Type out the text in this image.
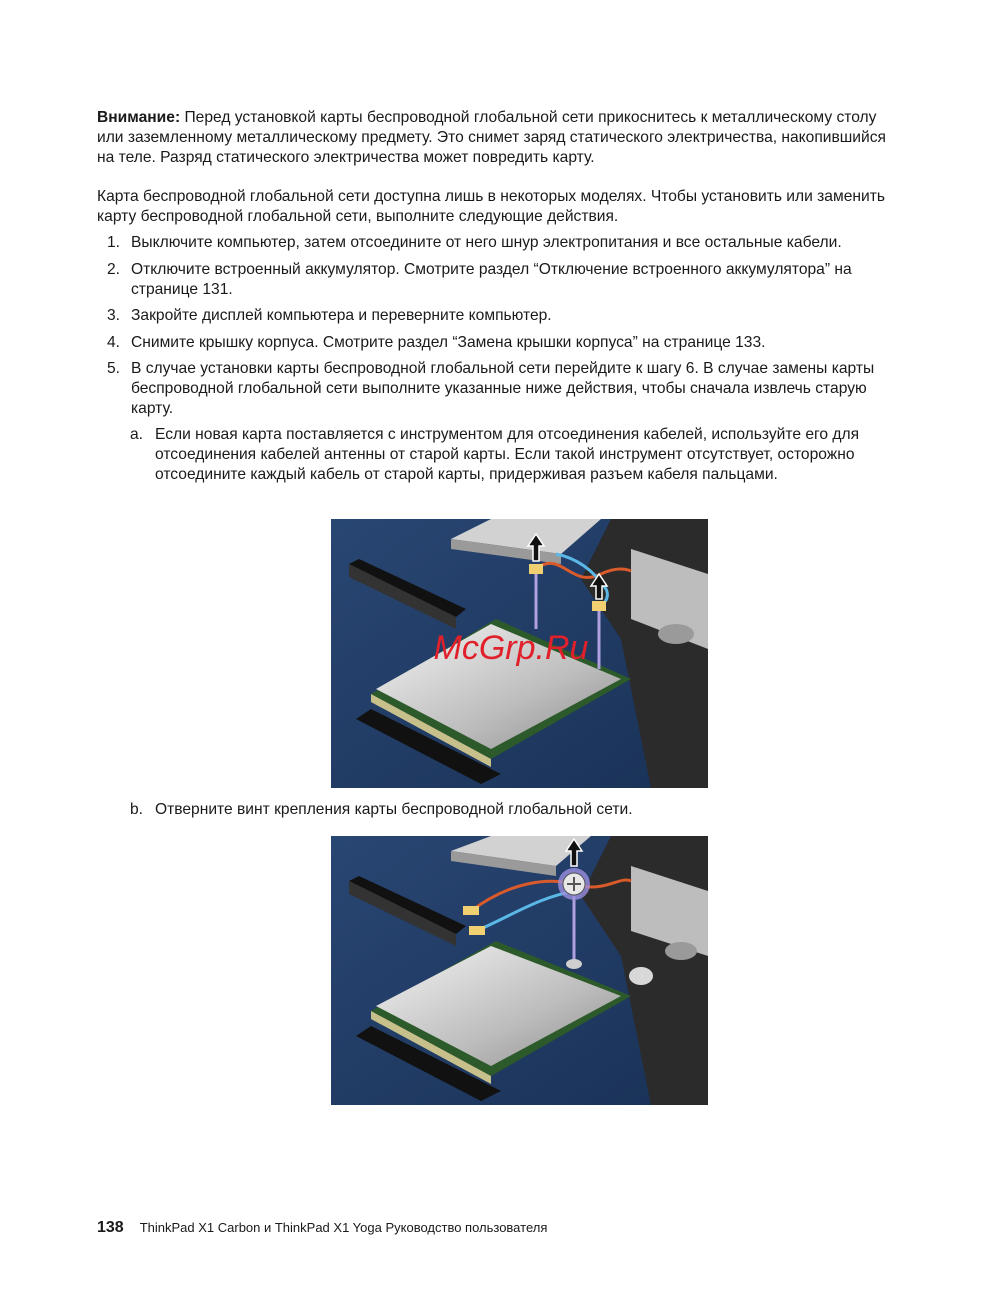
Внимание: Перед установкой карты беспроводной глобальной сети прикоснитесь к металлическому столу или заземленному металлическому предмету. Это снимет заряд статического электричества, накопившийся на теле. Разряд статического электричества может повредить карту.

Карта беспроводной глобальной сети доступна лишь в некоторых моделях. Чтобы установить или заменить карту беспроводной глобальной сети, выполните следующие действия.

1. Выключите компьютер, затем отсоедините от него шнур электропитания и все остальные кабели.
2. Отключите встроенный аккумулятор. Смотрите раздел “Отключение встроенного аккумулятора” на странице 131.
3. Закройте дисплей компьютера и переверните компьютер.
4. Снимите крышку корпуса. Смотрите раздел “Замена крышки корпуса” на странице 133.
5. В случае установки карты беспроводной глобальной сети перейдите к шагу 6. В случае замены карты беспроводной глобальной сети выполните указанные ниже действия, чтобы сначала извлечь старую карту.
a. Если новая карта поставляется с инструментом для отсоединения кабелей, используйте его для отсоединения кабелей антенны от старой карты. Если такой инструмент отсутствует, осторожно отсоедините каждый кабель от старой карты, придерживая разъем кабеля пальцами.
McGrp.Ru
b. Отверните винт крепления карты беспроводной глобальной сети.
138 ThinkPad X1 Carbon и ThinkPad X1 Yoga Руководство пользователя
